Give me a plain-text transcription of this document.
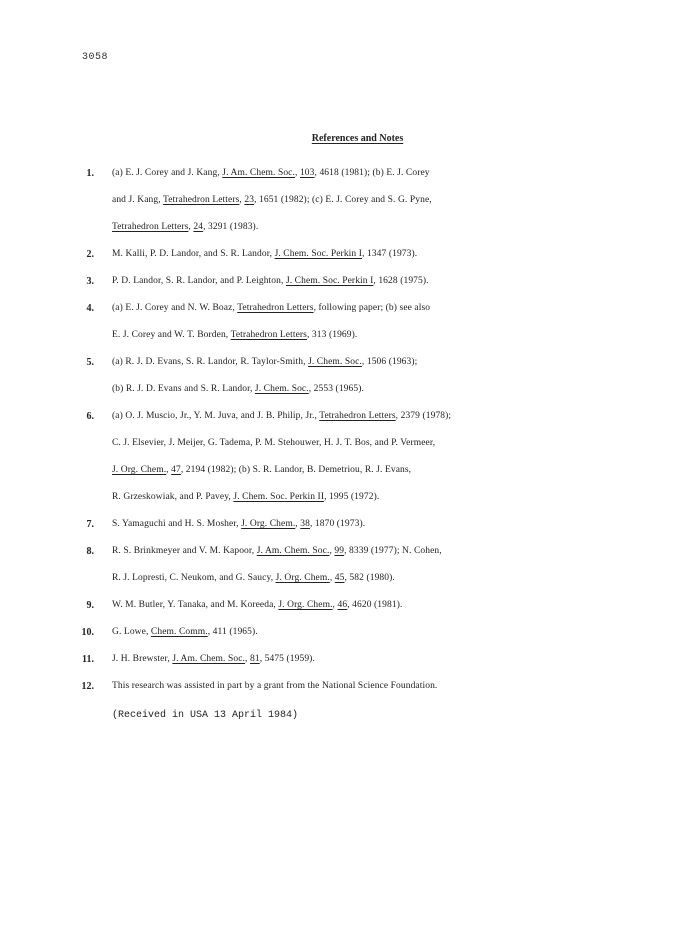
3058
References and Notes
1. (a) E. J. Corey and J. Kang, J. Am. Chem. Soc., 103, 4618 (1981); (b) E. J. Corey
and J. Kang, Tetrahedron Letters, 23, 1651 (1982); (c) E. J. Corey and S. G. Pyne,
Tetrahedron Letters, 24, 3291 (1983).
2. M. Kalli, P. D. Landor, and S. R. Landor, J. Chem. Soc. Perkin I, 1347 (1973).
3. P. D. Landor, S. R. Landor, and P. Leighton, J. Chem. Soc. Perkin I, 1628 (1975).
4. (a) E. J. Corey and N. W. Boaz, Tetrahedron Letters, following paper; (b) see also
E. J. Corey and W. T. Borden, Tetrahedron Letters, 313 (1969).
5. (a) R. J. D. Evans, S. R. Landor, R. Taylor-Smith, J. Chem. Soc., 1506 (1963);
(b) R. J. D. Evans and S. R. Landor, J. Chem. Soc., 2553 (1965).
6. (a) O. J. Muscio, Jr., Y. M. Juva, and J. B. Philip, Jr., Tetrahedron Letters, 2379 (1978);
C. J. Elsevier, J. Meijer, G. Tadema, P. M. Stehouwer, H. J. T. Bos, and P. Vermeer,
J. Org. Chem., 47, 2194 (1982); (b) S. R. Landor, B. Demetriou, R. J. Evans,
R. Grzeskowiak, and P. Pavey, J. Chem. Soc. Perkin II, 1995 (1972).
7. S. Yamaguchi and H. S. Mosher, J. Org. Chem., 38, 1870 (1973).
8. R. S. Brinkmeyer and V. M. Kapoor, J. Am. Chem. Soc., 99, 8339 (1977); N. Cohen,
R. J. Lopresti, C. Neukom, and G. Saucy, J. Org. Chem., 45, 582 (1980).
9. W. M. Butler, Y. Tanaka, and M. Koreeda, J. Org. Chem., 46, 4620 (1981).
10. G. Lowe, Chem. Comm., 411 (1965).
11. J. H. Brewster, J. Am. Chem. Soc., 81, 5475 (1959).
12. This research was assisted in part by a grant from the National Science Foundation.
(Received in USA 13 April 1984)
